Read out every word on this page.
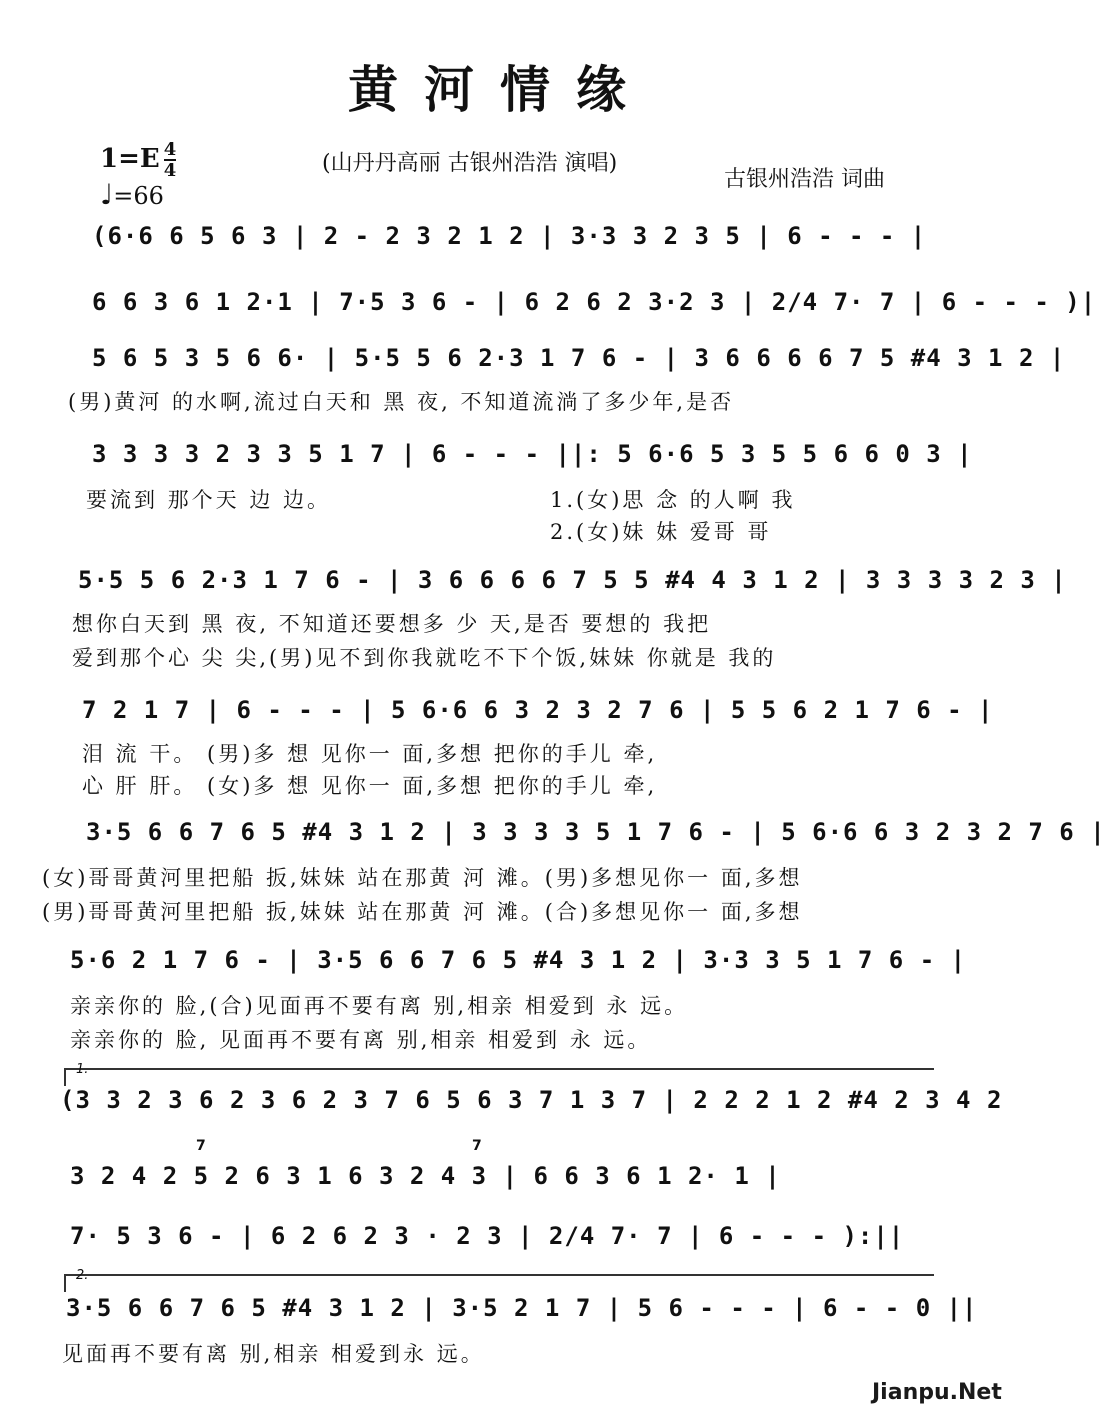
黄河情缘
$1=E \frac{4}{4}$
♩=66
(山丹丹高丽 古银州浩浩 演唱)
古银州浩浩 词曲
(6·6 6 5 6 3 | 2 - 2 3 2 1 2 | 3·3 3 2 3 5 | 6 - - - |
6 6 3 6 1 2·1 | 7·5 3 6 - | 6 2 6 2 3·2 3 | 2/4 7· 7 | 6 - - - )|
5 6 5 3 5 6 6· | 5·5 5 6 2·3 1 7 6 - | 3 6 6 6 6 7 5 #4 3 1 2 |
(男)黄河 的水啊,流过白天和 黑 夜, 不知道流淌了多少年,是否
3 3 3 3 2 3 3 5 1 7 | 6 - - - ||: 5 6·6 5 3 5 5 6 6 0 3 |
要流到 那个天 边 边。	1.(女)思 念 的人啊 我
2.(女)妹 妹 爱哥 哥
5·5 5 6 2·3 1 7 6 - | 3 6 6 6 6 7 5 5 #4 4 3 1 2 | 3 3 3 3 2 3 |
想你白天到 黑 夜, 不知道还要想多 少 天,是否 要想的 我把
爱到那个心 尖 尖,(男)见不到你我就吃不下个饭,妹妹 你就是 我的
7 2 1 7 | 6 - - - | 5 6·6 6 3 2 3 2 7 6 | 5 5 6 2 1 7 6 - |
泪 流 干。 (男)多 想 见你一 面,多想 把你的手儿 牵,
心 肝 肝。 (女)多 想 见你一 面,多想 把你的手儿 牵,
3·5 6 6 7 6 5 #4 3 1 2 | 3 3 3 3 5 1 7 6 - | 5 6·6 6 3 2 3 2 7 6 |
(女)哥哥黄河里把船 扳,妹妹 站在那黄 河 滩。(男)多想见你一 面,多想
(男)哥哥黄河里把船 扳,妹妹 站在那黄 河 滩。(合)多想见你一 面,多想
5·6 2 1 7 6 - | 3·5 6 6 7 6 5 #4 3 1 2 | 3·3 3 5 1 7 6 - |
亲亲你的 脸,(合)见面再不要有离 别,相亲 相爱到 永 远。
亲亲你的 脸, 见面再不要有离 别,相亲 相爱到 永 远。
1.
(3 3 2 3 6 2 3 6 2 3 7 6 5 6 3 7 1 3 7 | 2 2 2 1 2 #4 2 3 4 2
3 2 4 2 5 2 6 3 1 6 3 2 4 3 | 6 6 3 6 1 2· 1 |
7	7
7· 5 3 6 - | 6 2 6 2 3 · 2 3 | 2/4 7· 7 | 6 - - - ):||
2.
3·5 6 6 7 6 5 #4 3 1 2 | 3·5 2 1 7 | 5 6 - - - | 6 - - 0 ||
见面再不要有离 别,相亲 相爱到永 远。
Jianpu.Net
